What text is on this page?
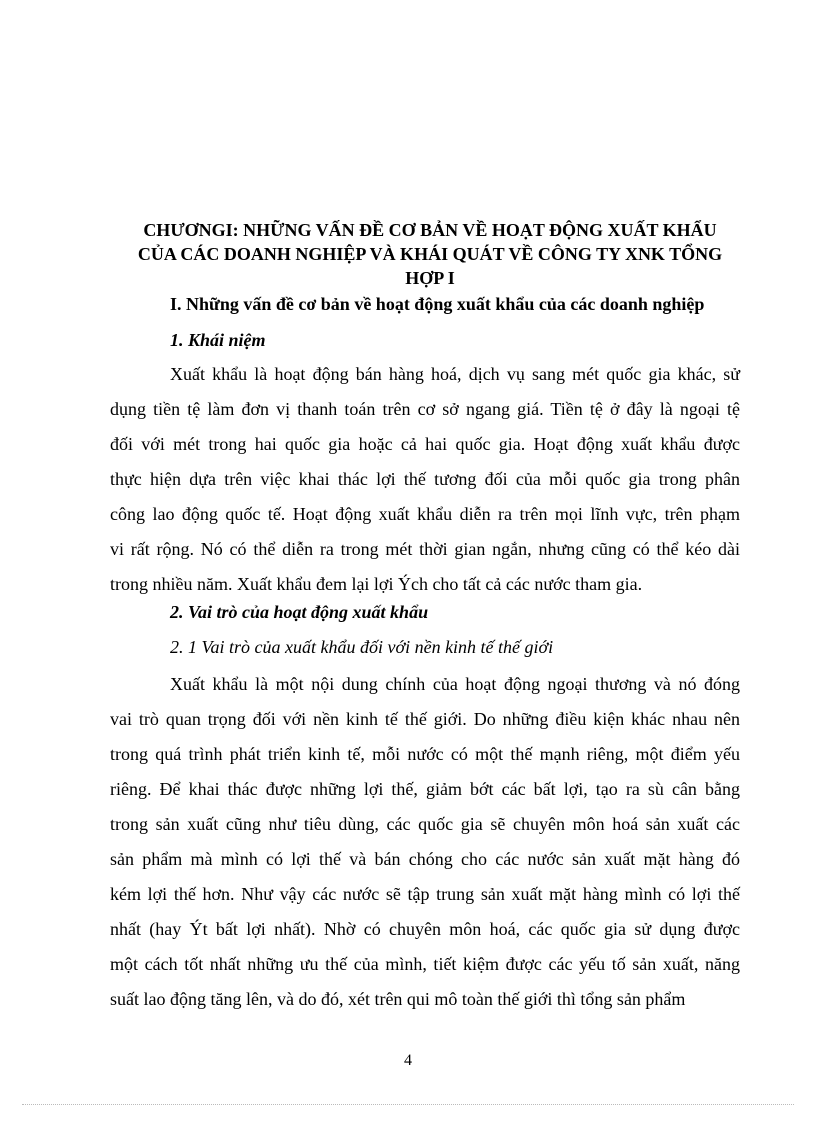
CHƯƠNGI: NHỮNG VẤN ĐỀ CƠ BẢN VỀ HOẠT ĐỘNG XUẤT KHẨU
CỦA CÁC DOANH NGHIỆP VÀ KHÁI QUÁT VỀ CÔNG TY XNK TỔNG
HỢP I
I. Những vấn đề cơ bản về hoạt động xuất khẩu của các doanh nghiệp
1. Khái niệm
Xuất khẩu là hoạt động bán hàng hoá, dịch vụ sang mét quốc gia khác, sử
dụng tiền tệ làm đơn vị thanh toán trên cơ sở ngang giá. Tiền tệ ở đây là ngoại tệ
đối với mét trong hai quốc gia hoặc cả hai quốc gia. Hoạt động xuất khẩu được
thực hiện dựa trên việc khai thác lợi thế tương đối của mỗi quốc gia trong phân
công lao động quốc tế. Hoạt động xuất khẩu diễn ra trên mọi lĩnh vực, trên phạm
vi rất rộng. Nó có thể diễn ra trong mét thời gian ngắn, nhưng cũng có thể kéo dài
trong nhiều năm. Xuất khẩu đem lại lợi Ých cho tất cả các nước tham gia.
2. Vai trò của hoạt động xuất khẩu
2. 1 Vai trò của xuất khẩu đối với nền kinh tế thế giới
Xuất khẩu là một nội dung chính của hoạt động ngoại thương và nó đóng
vai trò quan trọng đối với nền kinh tế thế giới. Do những điều kiện khác nhau nên
trong quá trình phát triển kinh tế, mỗi nước có một thế mạnh riêng, một điểm yếu
riêng. Để khai thác được những lợi thế, giảm bớt các bất lợi, tạo ra sù cân bằng
trong sản xuất cũng như tiêu dùng, các quốc gia sẽ chuyên môn hoá sản xuất các
sản phẩm mà mình có lợi thế và bán chóng cho các nước sản xuất mặt hàng đó
kém lợi thế hơn. Như vậy các nước sẽ tập trung sản xuất mặt hàng mình có lợi thế
nhất (hay Ýt bất lợi nhất). Nhờ có chuyên môn hoá, các quốc gia sử dụng được
một cách tốt nhất những ưu thế của mình, tiết kiệm được các yếu tố sản xuất, năng
suất lao động tăng lên, và do đó, xét trên qui mô toàn thế giới thì tổng sản phẩm
4
